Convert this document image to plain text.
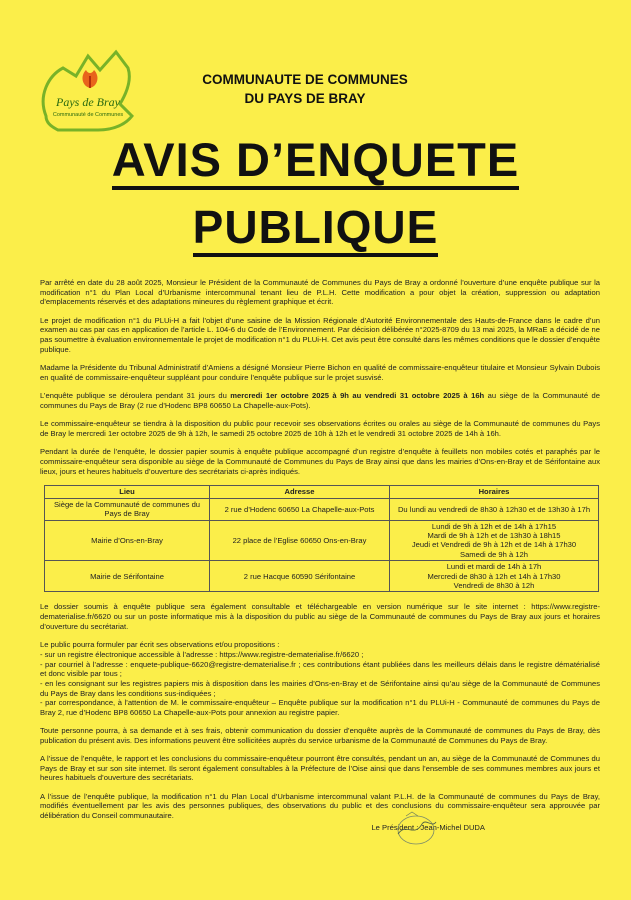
Pays de Bray
Communauté de Communes
COMMUNAUTE DE COMMUNES
DU PAYS DE BRAY
AVIS D’ENQUETE
PUBLIQUE

Par arrêté en date du 28 août 2025, Monsieur le Président de la Communauté de Communes du Pays de Bray a ordonné l’ouverture d’une enquête publique sur la modification n°1 du Plan Local d’Urbanisme intercommunal tenant lieu de P.L.H. Cette modification a pour objet la création, suppression ou adaptation d’emplacements réservés et des adaptations mineures du règlement graphique et écrit.

Le projet de modification n°1 du PLUi-H a fait l’objet d’une saisine de la Mission Régionale d’Autorité Environnementale des Hauts-de-France dans le cadre d’un examen au cas par cas en application de l’article L. 104-6 du Code de l’Environnement. Par décision délibérée n°2025-8709 du 13 mai 2025, la MRaE a décidé de ne pas soumettre à évaluation environnementale le projet de modification n°1 du PLUi-H. Cet avis peut être consulté dans les mêmes conditions que le dossier d’enquête publique.

Madame la Présidente du Tribunal Administratif d’Amiens a désigné Monsieur Pierre Bichon en qualité de commissaire-enquêteur titulaire et Monsieur Sylvain Dubois en qualité de commissaire-enquêteur suppléant pour conduire l’enquête publique sur le projet susvisé.

L’enquête publique se déroulera pendant 31 jours du mercredi 1er octobre 2025 à 9h au vendredi 31 octobre 2025 à 16h au siège de la Communauté de communes du Pays de Bray (2 rue d’Hodenc BP8 60650 La Chapelle-aux-Pots).

Le commissaire-enquêteur se tiendra à la disposition du public pour recevoir ses observations écrites ou orales au siège de la Communauté de communes du Pays de Bray le mercredi 1er octobre 2025 de 9h à 12h, le samedi 25 octobre 2025 de 10h à 12h et le vendredi 31 octobre 2025 de 14h à 16h.

Pendant la durée de l’enquête, le dossier papier soumis à enquête publique accompagné d’un registre d’enquête à feuillets non mobiles cotés et paraphés par le commissaire-enquêteur sera disponible au siège de la Communauté de Communes du Pays de Bray ainsi que dans les mairies d’Ons-en-Bray et de Sérifontaine aux lieux, jours et heures habituels d’ouverture des secrétariats ci-après indiqués.

Lieu	Adresse	Horaires
Siège de la Communauté de communes du Pays de Bray	2 rue d’Hodenc 60650 La Chapelle-aux-Pots	Du lundi au vendredi de 8h30 à 12h30 et de 13h30 à 17h
Mairie d’Ons-en-Bray	22 place de l’Eglise 60650 Ons-en-Bray	Lundi de 9h à 12h et de 14h à 17h15
Mardi de 9h à 12h et de 13h30 à 18h15
Jeudi et Vendredi de 9h à 12h et de 14h à 17h30
Samedi de 9h à 12h

Mairie de Sérifontaine	2 rue Hacque 60590 Sérifontaine	Lundi et mardi de 14h à 17h
Mercredi de 8h30 à 12h et 14h à 17h30
Vendredi de 8h30 à 12h

Le dossier soumis à enquête publique sera également consultable et téléchargeable en version numérique sur le site internet : https://www.registre-dematerialise.fr/6620 ou sur un poste informatique mis à la disposition du public au siège de la Communauté de communes du Pays de Bray aux jours et horaires d’ouverture du secrétariat.

Le public pourra formuler par écrit ses observations et/ou propositions :
- sur un registre électronique accessible à l’adresse : https://www.registre-dematerialise.fr/6620 ;
- par courriel à l’adresse : enquete-publique-6620@registre-dematerialise.fr ; ces contributions étant publiées dans les meilleurs délais dans le registre dématérialisé et donc visible par tous ;
- en les consignant sur les registres papiers mis à disposition dans les mairies d’Ons-en-Bray et de Sérifontaine ainsi qu’au siège de la Communauté de Communes du Pays de Bray dans les conditions sus-indiquées ;
- par correspondance, à l’attention de M. le commissaire-enquêteur – Enquête publique sur la modification n°1 du PLUi-H - Communauté de communes du Pays de Bray 2, rue d’Hodenc BP8 60650 La Chapelle-aux-Pots pour annexion au registre papier.

Toute personne pourra, à sa demande et à ses frais, obtenir communication du dossier d’enquête auprès de la Communauté de communes du Pays de Bray, dès publication du présent avis. Des informations peuvent être sollicitées auprès du service urbanisme de la Communauté de Communes du Pays de Bray.

A l’issue de l’enquête, le rapport et les conclusions du commissaire-enquêteur pourront être consultés, pendant un an, au siège de la Communauté de Communes du Pays de Bray et sur son site internet. Ils seront également consultables à la Préfecture de l’Oise ainsi que dans l’ensemble de ses communes membres aux jours et heures habituels d’ouverture des secrétariats.

A l’issue de l’enquête publique, la modification n°1 du Plan Local d’Urbanisme intercommunal valant P.L.H. de la Communauté de communes du Pays de Bray, modifiés éventuellement par les avis des personnes publiques, des observations du public et des conclusions du commissaire-enquêteur sera approuvée par délibération du Conseil communautaire.

Le Président : Jean-Michel DUDA
